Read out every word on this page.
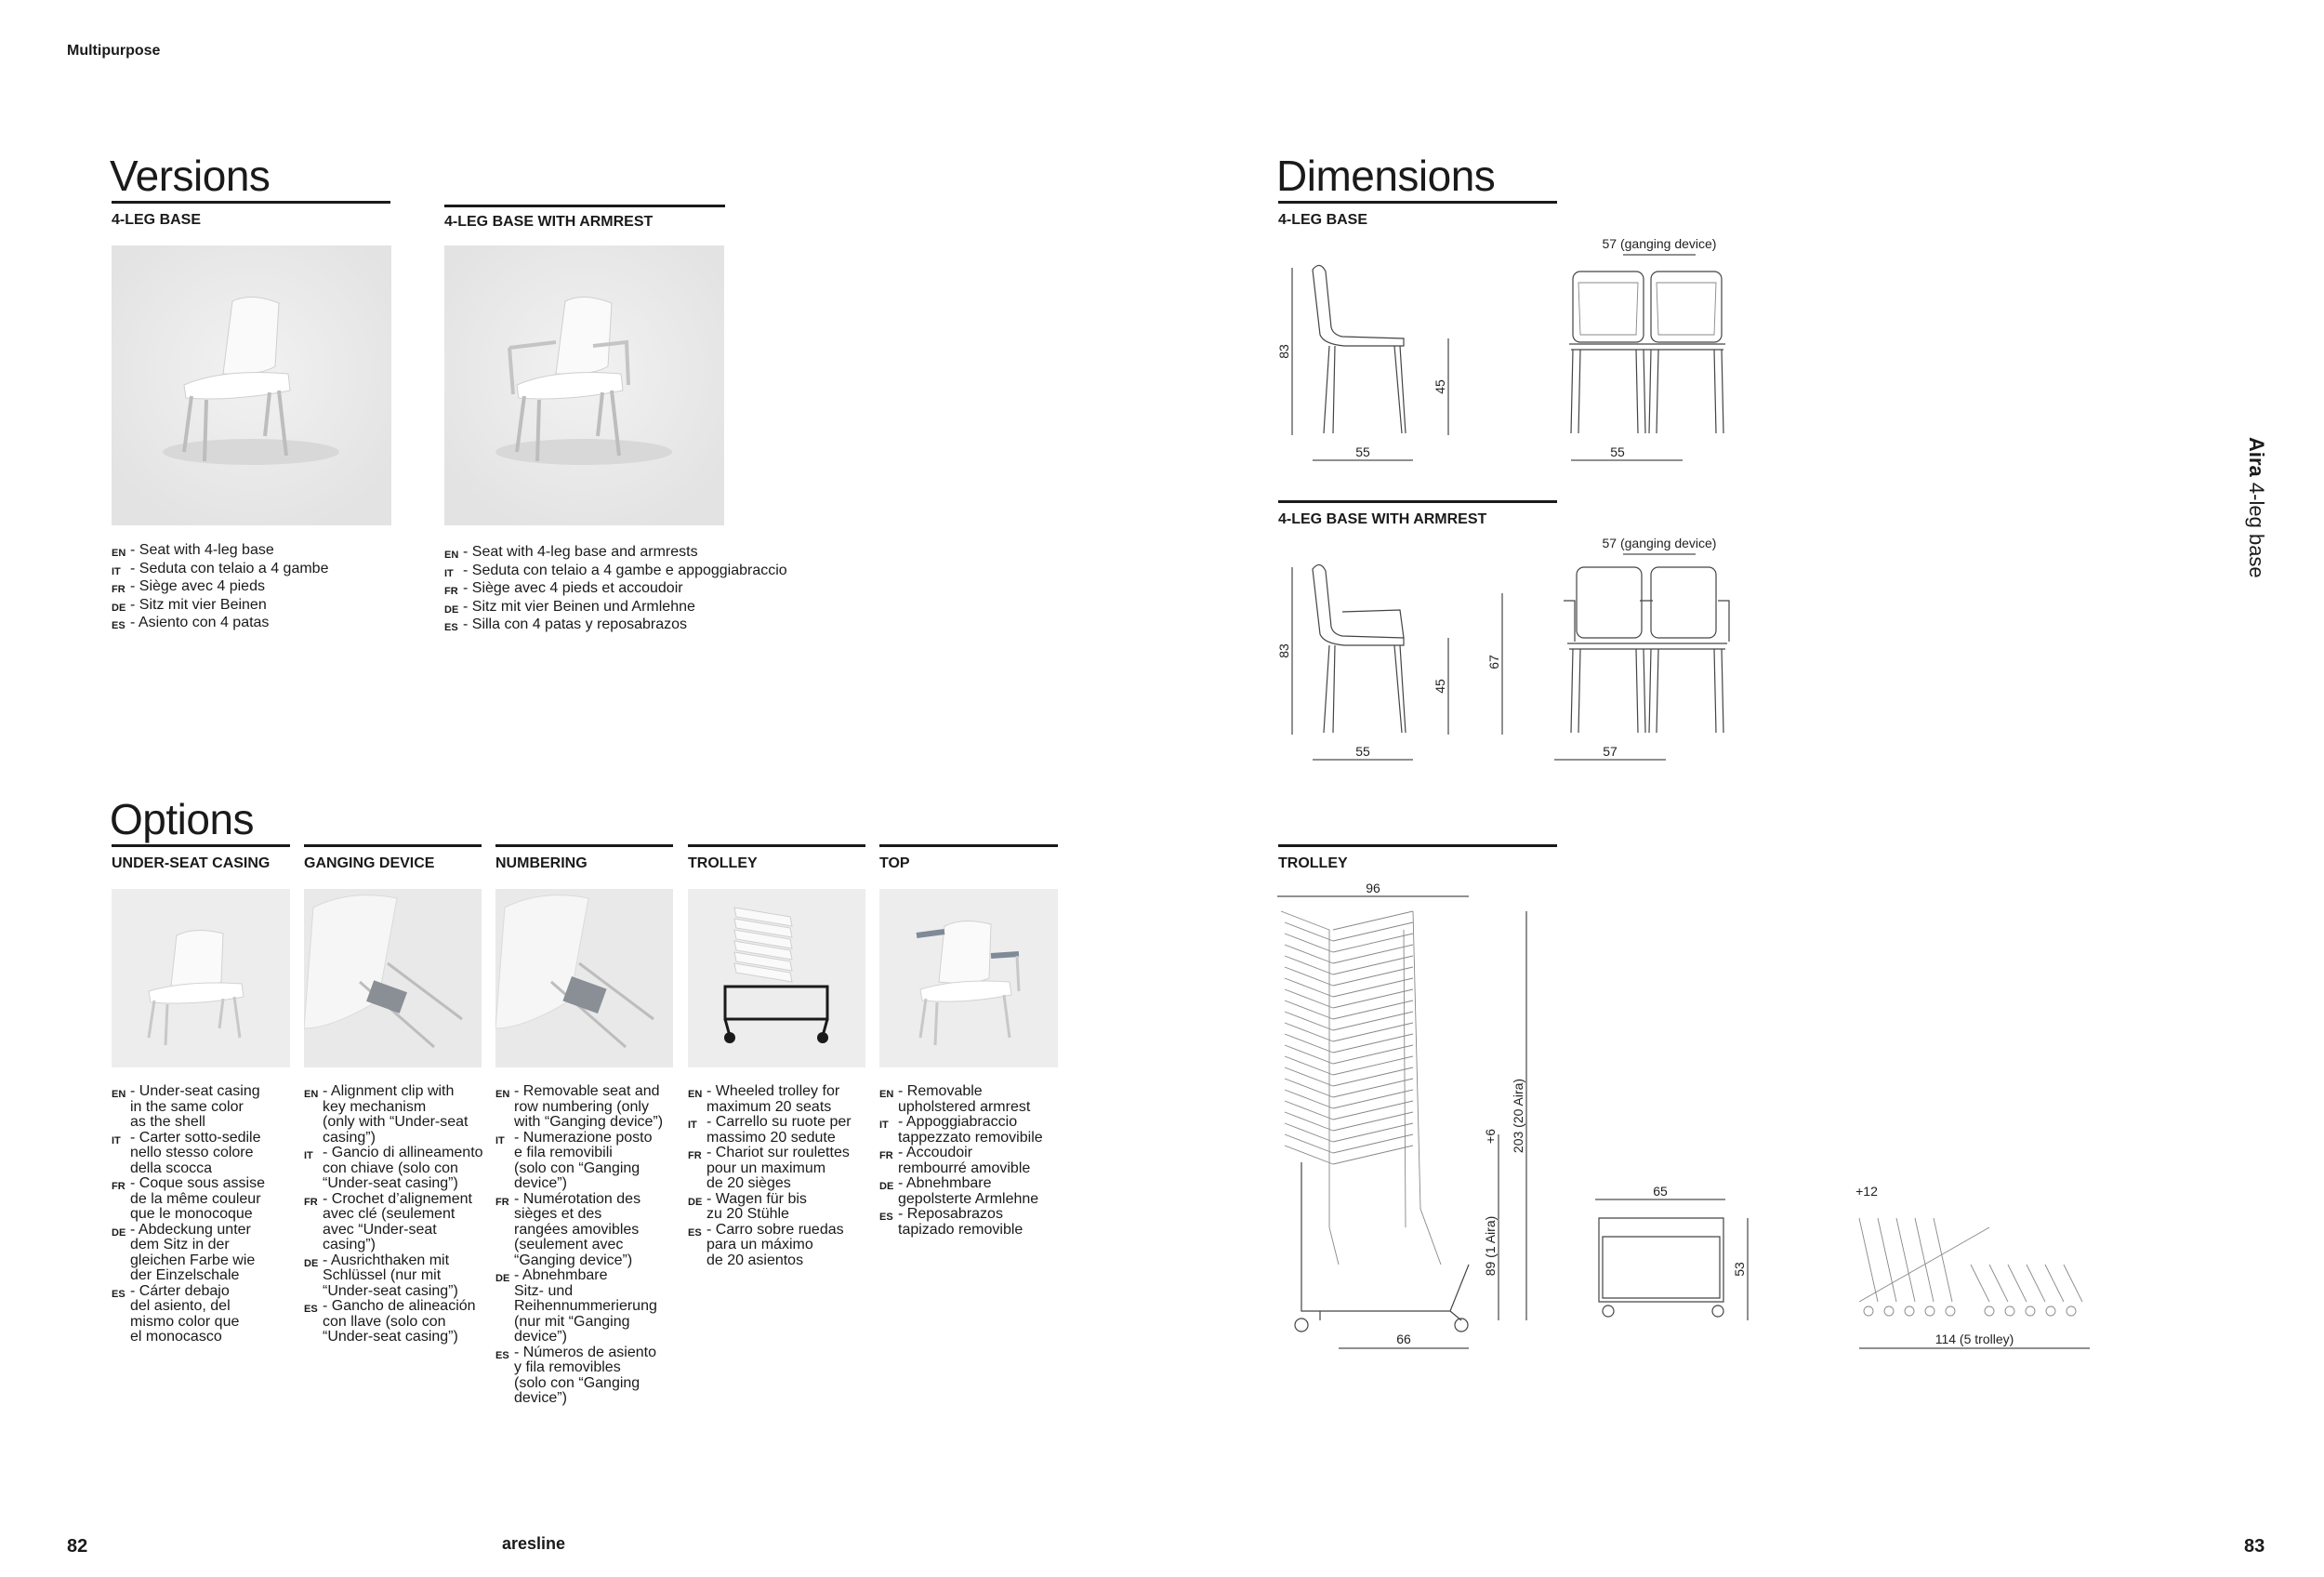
Multipurpose
Versions
4-LEG BASE	4-LEG BASE WITH ARMREST
EN - Seat with 4-leg base
IT - Seduta con telaio a 4 gambe
FR - Siège avec 4 pieds
DE - Sitz mit vier Beinen
ES - Asiento con 4 patas
EN - Seat with 4-leg base and armrests
IT - Seduta con telaio a 4 gambe e appoggiabraccio
FR - Siège avec 4 pieds et accoudoir
DE - Sitz mit vier Beinen und Armlehne
ES - Silla con 4 patas y reposabrazos
Options
UNDER-SEAT CASING GANGING DEVICE	NUMBERING	TROLLEY	TOP
EN - Under-seat casing
in the same color
as the shell
IT - Carter sotto-sedile
nello stesso colore
della scocca
FR - Coque sous assise
de la même couleur
que le monocoque
DE - Abdeckung unter
dem Sitz in der
gleichen Farbe wie
der Einzelschale
ES - Cárter debajo
del asiento, del
mismo color que
el monocasco
EN - Alignment clip with
key mechanism
(only with “Under-seat
casing”)
IT - Gancio di allineamento
con chiave (solo con
“Under-seat casing”)
FR - Crochet d’alignement
avec clé (seulement
avec “Under-seat
casing”)
DE - Ausrichthaken mit
Schlüssel (nur mit
“Under-seat casing”)
ES - Gancho de alineación
con llave (solo con
“Under-seat casing”)
EN - Removable seat and
row numbering (only
with “Ganging device”)
IT - Numerazione posto
e fila removibili
(solo con “Ganging
device”)
FR - Numérotation des
sièges et des
rangées amovibles
(seulement avec
“Ganging device”)
DE - Abnehmbare
Sitz- und
Reihennummerierung
(nur mit “Ganging
device”)
ES - Números de asiento
y fila removibles
(solo con “Ganging
device”)
EN - Wheeled trolley for
maximum 20 seats
IT - Carrello su ruote per
massimo 20 sedute
FR - Chariot sur roulettes
pour un maximum
de 20 sièges
DE - Wagen für bis
zu 20 Stühle
ES - Carro sobre ruedas
para un máximo
de 20 asientos
EN - Removable
upholstered armrest
IT - Appoggiabraccio
tappezzato removibile
FR - Accoudoir
rembourré amovible
DE - Abnehmbare
gepolsterte Armlehne
ES - Reposabrazos
tapizado removible
Dimensions
4-LEG BASE
83
45
55
57 (ganging device)
55
4-LEG BASE WITH ARMREST
83
45
67
55
57 (ganging device)
57
TROLLEY
96
66
203 (20 Aira)
89 (1 Aira)
+6
65
53
+12
114 (5 trolley)
Aira 4-leg base
82	aresline	83
